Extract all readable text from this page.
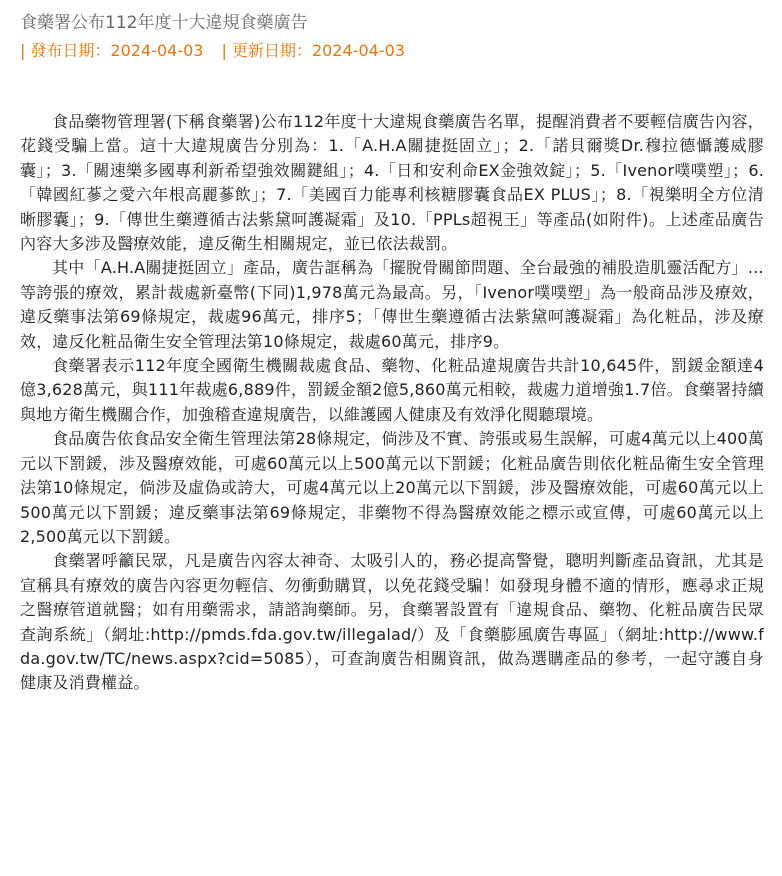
食藥署公布112年度十大違規食藥廣告
| 發布日期：2024-04-03 | 更新日期：2024-04-03

食品藥物管理署(下稱食藥署)公布112年度十大違規食藥廣告名單，提醒消費者不要輕信廣告內容，花錢受騙上當。這十大違規廣告分別為：1.「A.H.A關捷挺固立」；2.「諾貝爾獎Dr.穆拉德懾護威膠囊」；3.「關速樂多國專利新希望強效關鍵組」；4.「日和安利命EX金強效錠」；5.「Ivenor噗噗塑」；6.「韓國紅蔘之愛六年根高麗蔘飲」；7.「美國百力能專利核糖膠囊食品EX PLUS」；8.「視樂明全方位清晰膠囊」；9.「傳世生藥遵循古法紫黛呵護凝霜」及10.「PPLs超視王」等產品(如附件)。上述產品廣告內容大多涉及醫療效能，違反衛生相關規定，並已依法裁罰。

其中「A.H.A關捷挺固立」產品，廣告誆稱為「擺脫骨關節問題、全台最強的補股造肌靈活配方」…等誇張的療效，累計裁處新臺幣(下同)1,978萬元為最高。另，「Ivenor噗噗塑」為一般商品涉及療效，違反藥事法第69條規定，裁處96萬元，排序5；「傳世生藥遵循古法紫黛呵護凝霜」為化粧品，涉及療效，違反化粧品衛生安全管理法第10條規定，裁處60萬元，排序9。

食藥署表示112年度全國衛生機關裁處食品、藥物、化粧品違規廣告共計10,645件，罰鍰金額達4億3,628萬元，與111年裁處6,889件，罰鍰金額2億5,860萬元相較，裁處力道增強1.7倍。食藥署持續與地方衛生機關合作，加強稽查違規廣告，以維護國人健康及有效淨化閱聽環境。

食品廣告依食品安全衛生管理法第28條規定，倘涉及不實、誇張或易生誤解，可處4萬元以上400萬元以下罰鍰，涉及醫療效能，可處60萬元以上500萬元以下罰鍰；化粧品廣告則依化粧品衛生安全管理法第10條規定，倘涉及虛偽或誇大，可處4萬元以上20萬元以下罰鍰，涉及醫療效能，可處60萬元以上500萬元以下罰鍰；違反藥事法第69條規定，非藥物不得為醫療效能之標示或宣傳，可處60萬元以上2,500萬元以下罰鍰。

食藥署呼籲民眾，凡是廣告內容太神奇、太吸引人的，務必提高警覺，聰明判斷產品資訊，尤其是宣稱具有療效的廣告內容更勿輕信、勿衝動購買，以免花錢受騙！如發現身體不適的情形，應尋求正規之醫療管道就醫；如有用藥需求，請諮詢藥師。另，食藥署設置有「違規食品、藥物、化粧品廣告民眾查詢系統」（網址:http://pmds.fda.gov.tw/illegalad/）及「食藥膨風廣告專區」（網址:http://www.fda.gov.tw/TC/news.aspx?cid=5085），可查詢廣告相關資訊，做為選購產品的參考，一起守護自身健康及消費權益。
